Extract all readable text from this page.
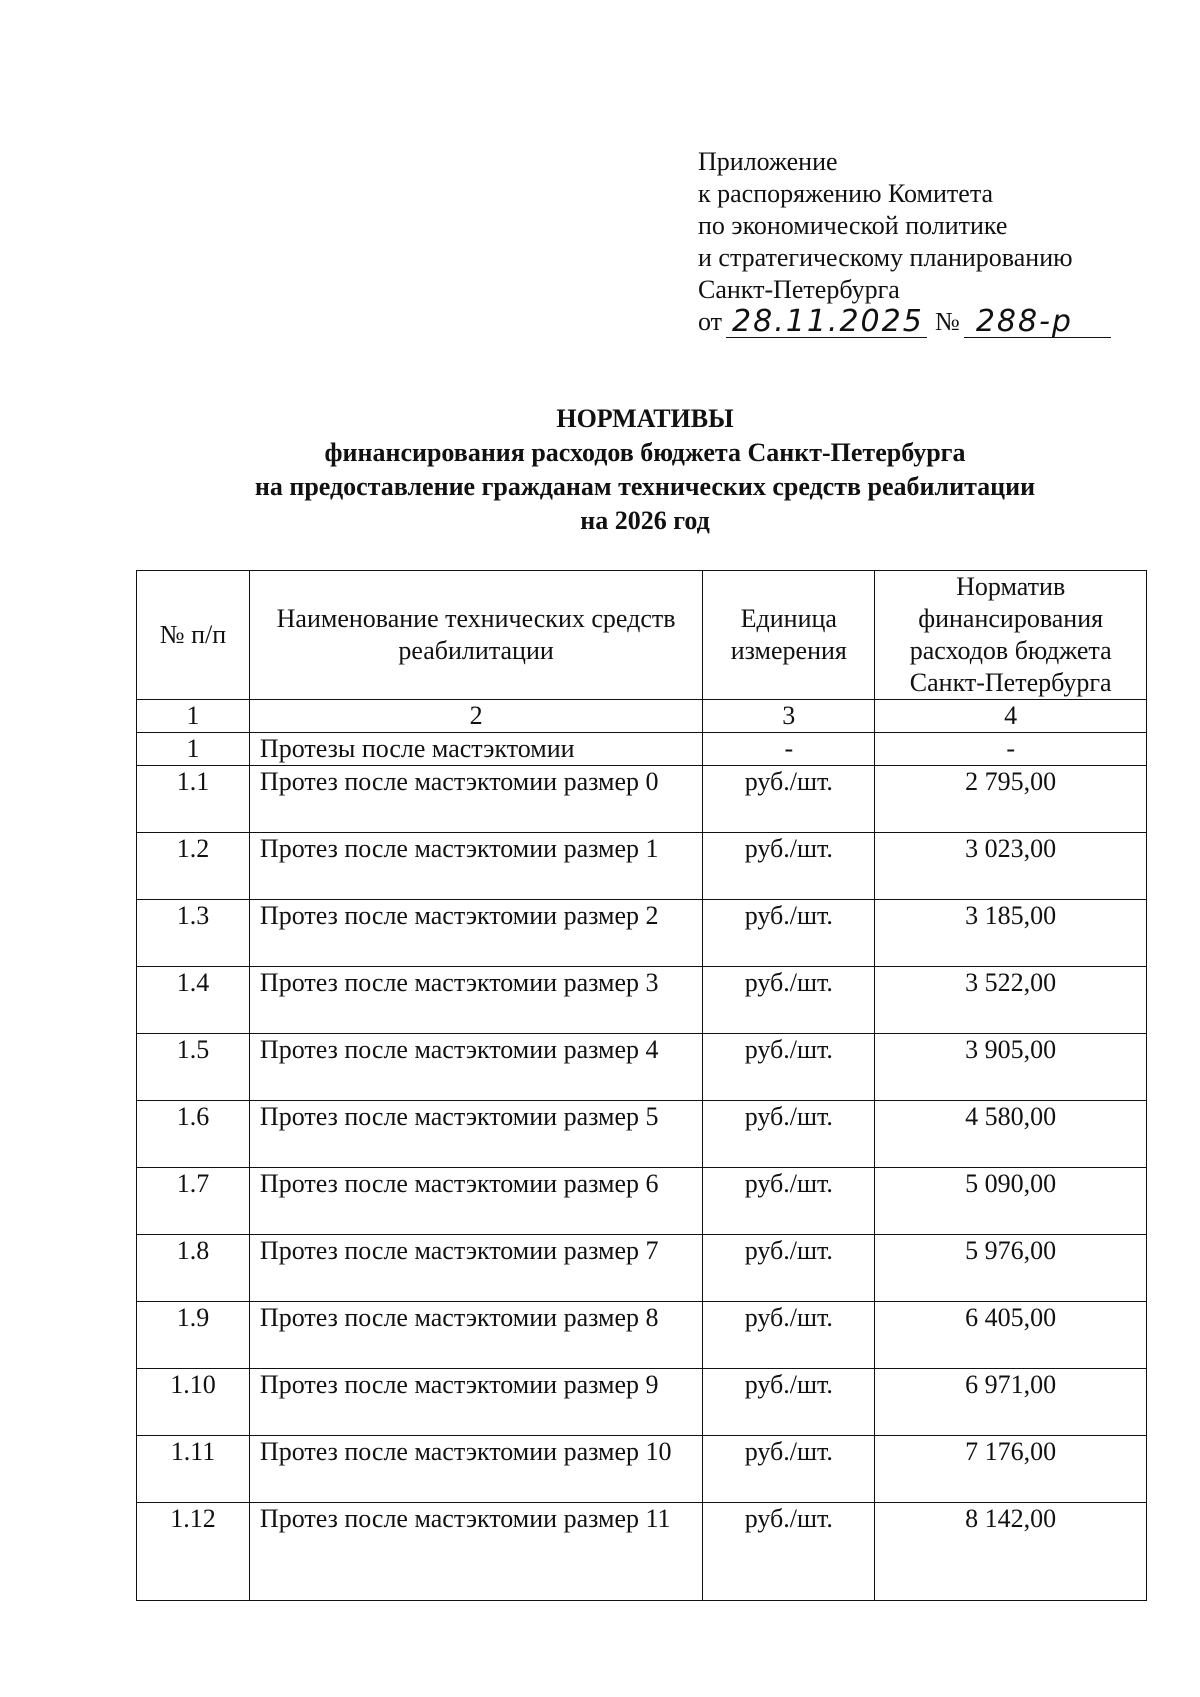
Приложение
к распоряжению Комитета
по экономической политике
и стратегическому планированию
Санкт-Петербурга
от 28.11.2025 № 288-р
НОРМАТИВЫ
финансирования расходов бюджета Санкт-Петербурга
на предоставление гражданам технических средств реабилитации
на 2026 год
№ п/п	Наименование технических средств реабилитации	Единица измерения	Норматив финансирования расходов бюджета Санкт-Петербурга
1	2	3	4
1	Протезы после мастэктомии	-	-
1.1	Протез после мастэктомии размер 0	руб./шт.	2 795,00
1.2	Протез после мастэктомии размер 1	руб./шт.	3 023,00
1.3	Протез после мастэктомии размер 2	руб./шт.	3 185,00
1.4	Протез после мастэктомии размер 3	руб./шт.	3 522,00
1.5	Протез после мастэктомии размер 4	руб./шт.	3 905,00
1.6	Протез после мастэктомии размер 5	руб./шт.	4 580,00
1.7	Протез после мастэктомии размер 6	руб./шт.	5 090,00
1.8	Протез после мастэктомии размер 7	руб./шт.	5 976,00
1.9	Протез после мастэктомии размер 8	руб./шт.	6 405,00
1.10	Протез после мастэктомии размер 9	руб./шт.	6 971,00
1.11	Протез после мастэктомии размер 10	руб./шт.	7 176,00
1.12	Протез после мастэктомии размер 11	руб./шт.	8 142,00
